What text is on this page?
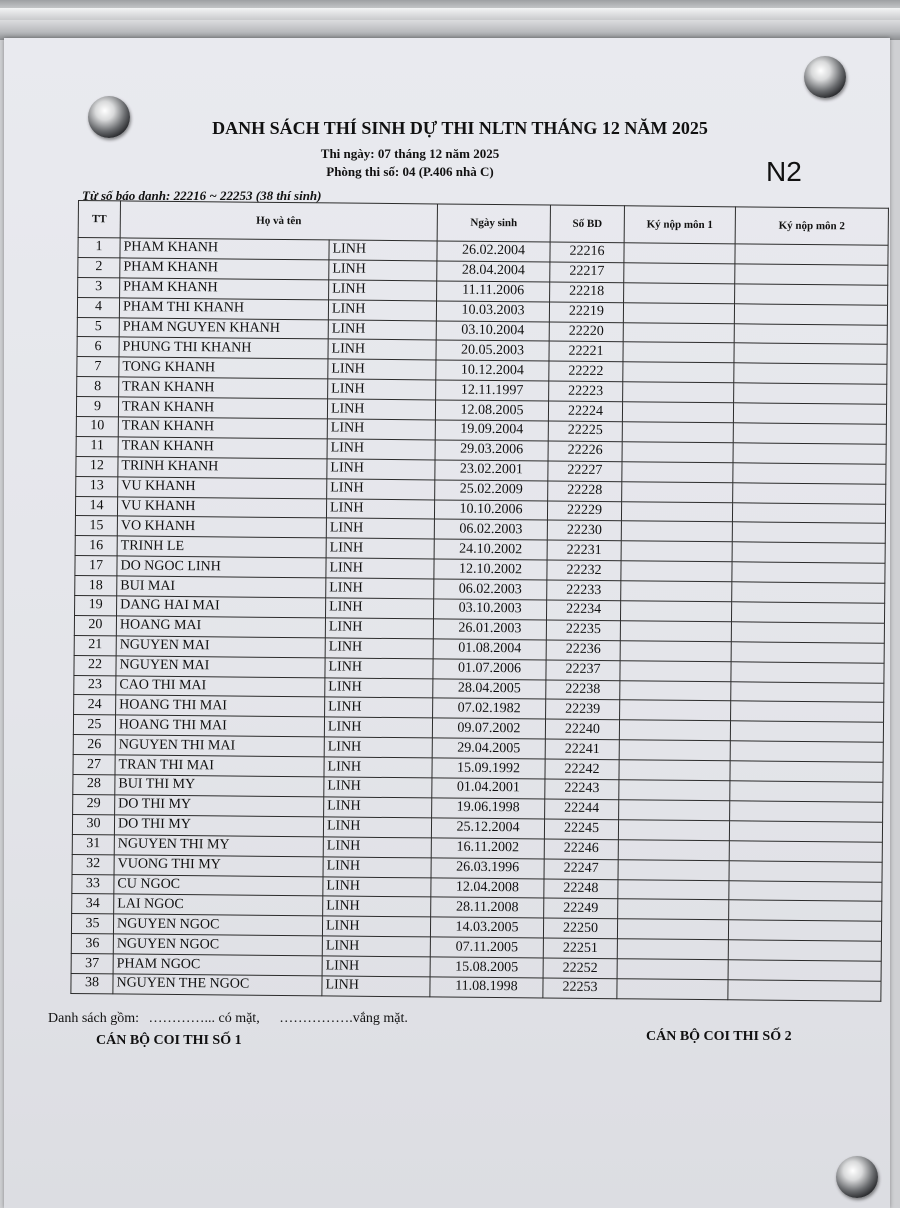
DANH SÁCH THÍ SINH DỰ THI NLTN THÁNG 12 NĂM 2025
Thi ngày: 07 tháng 12 năm 2025
Phòng thi số: 04 (P.406 nhà C)	N2
Từ số báo danh: 22216 ~ 22253 (38 thí sinh)
TT	Họ và tên		Ngày sinh	Số BD	Ký nộp môn 1	Ký nộp môn 2
1	PHAM KHANH	LINH	26.02.2004	22216		
2	PHAM KHANH	LINH	28.04.2004	22217		
3	PHAM KHANH	LINH	11.11.2006	22218		
4	PHAM THI KHANH	LINH	10.03.2003	22219		
5	PHAM NGUYEN KHANH	LINH	03.10.2004	22220		
6	PHUNG THI KHANH	LINH	20.05.2003	22221		
7	TONG KHANH	LINH	10.12.2004	22222		
8	TRAN KHANH	LINH	12.11.1997	22223		
9	TRAN KHANH	LINH	12.08.2005	22224		
10	TRAN KHANH	LINH	19.09.2004	22225		
11	TRAN KHANH	LINH	29.03.2006	22226		
12	TRINH KHANH	LINH	23.02.2001	22227		
13	VU KHANH	LINH	25.02.2009	22228		
14	VU KHANH	LINH	10.10.2006	22229		
15	VO KHANH	LINH	06.02.2003	22230		
16	TRINH LE	LINH	24.10.2002	22231		
17	DO NGOC LINH	LINH	12.10.2002	22232		
18	BUI MAI	LINH	06.02.2003	22233		
19	DANG HAI MAI	LINH	03.10.2003	22234		
20	HOANG MAI	LINH	26.01.2003	22235		
21	NGUYEN MAI	LINH	01.08.2004	22236		
22	NGUYEN MAI	LINH	01.07.2006	22237		
23	CAO THI MAI	LINH	28.04.2005	22238		
24	HOANG THI MAI	LINH	07.02.1982	22239		
25	HOANG THI MAI	LINH	09.07.2002	22240		
26	NGUYEN THI MAI	LINH	29.04.2005	22241		
27	TRAN THI MAI	LINH	15.09.1992	22242		
28	BUI THI MY	LINH	01.04.2001	22243		
29	DO THI MY	LINH	19.06.1998	22244		
30	DO THI MY	LINH	25.12.2004	22245		
31	NGUYEN THI MY	LINH	16.11.2002	22246		
32	VUONG THI MY	LINH	26.03.1996	22247		
33	CU NGOC	LINH	12.04.2008	22248		
34	LAI NGOC	LINH	28.11.2008	22249		
35	NGUYEN NGOC	LINH	14.03.2005	22250		
36	NGUYEN NGOC	LINH	07.11.2005	22251		
37	PHAM NGOC	LINH	15.08.2005	22252		
38	NGUYEN THE NGOC	LINH	11.08.1998	22253		
Danh sách gồm: …………... có mặt, …………….vắng mặt.
CÁN BỘ COI THI SỐ 1	CÁN BỘ COI THI SỐ 2
